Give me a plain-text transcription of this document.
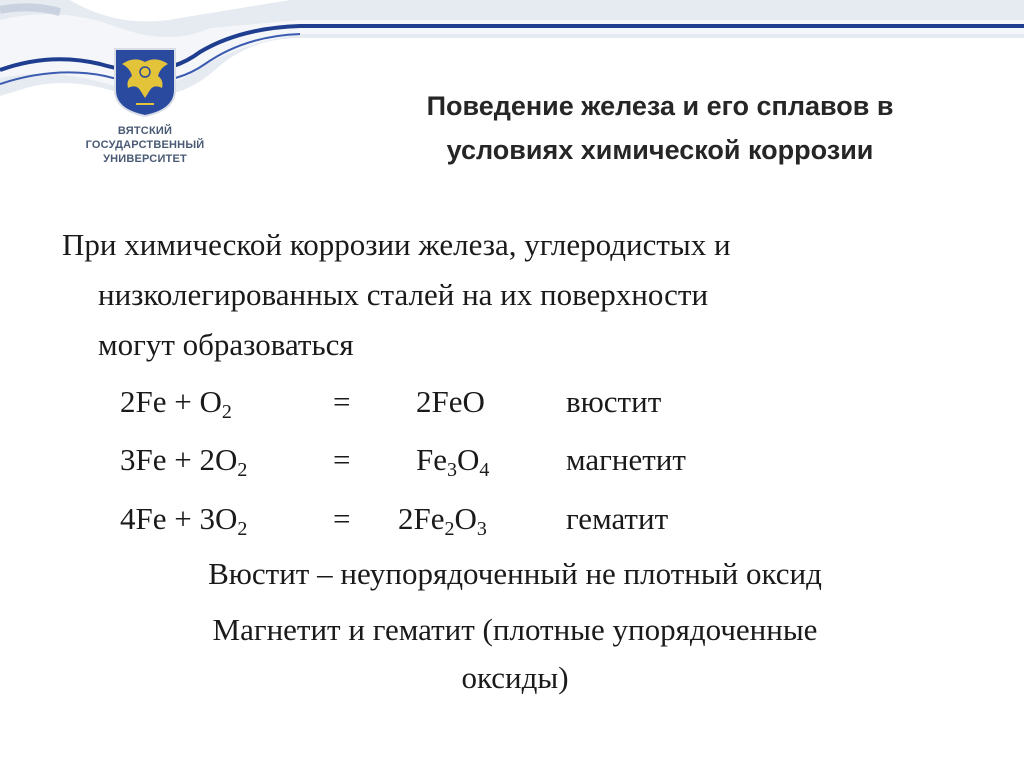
ВЯТСКИЙ
ГОСУДАРСТВЕННЫЙ
УНИВЕРСИТЕТ
Поведение железа и его сплавов в
условиях химической коррозии
При химической коррозии железа, углеродистых и
низколегированных сталей на их поверхности
могут образоваться
$2Fe + O_2$	= 2FeO	вюстит
$3Fe + 2O_2$	= $Fe_3O_4$ магнетит
$4Fe + 3O_2$	= $2Fe_2O_3$	гематит
Вюстит – неупорядоченный не плотный оксид
Магнетит и гематит (плотные упорядоченные
оксиды)
